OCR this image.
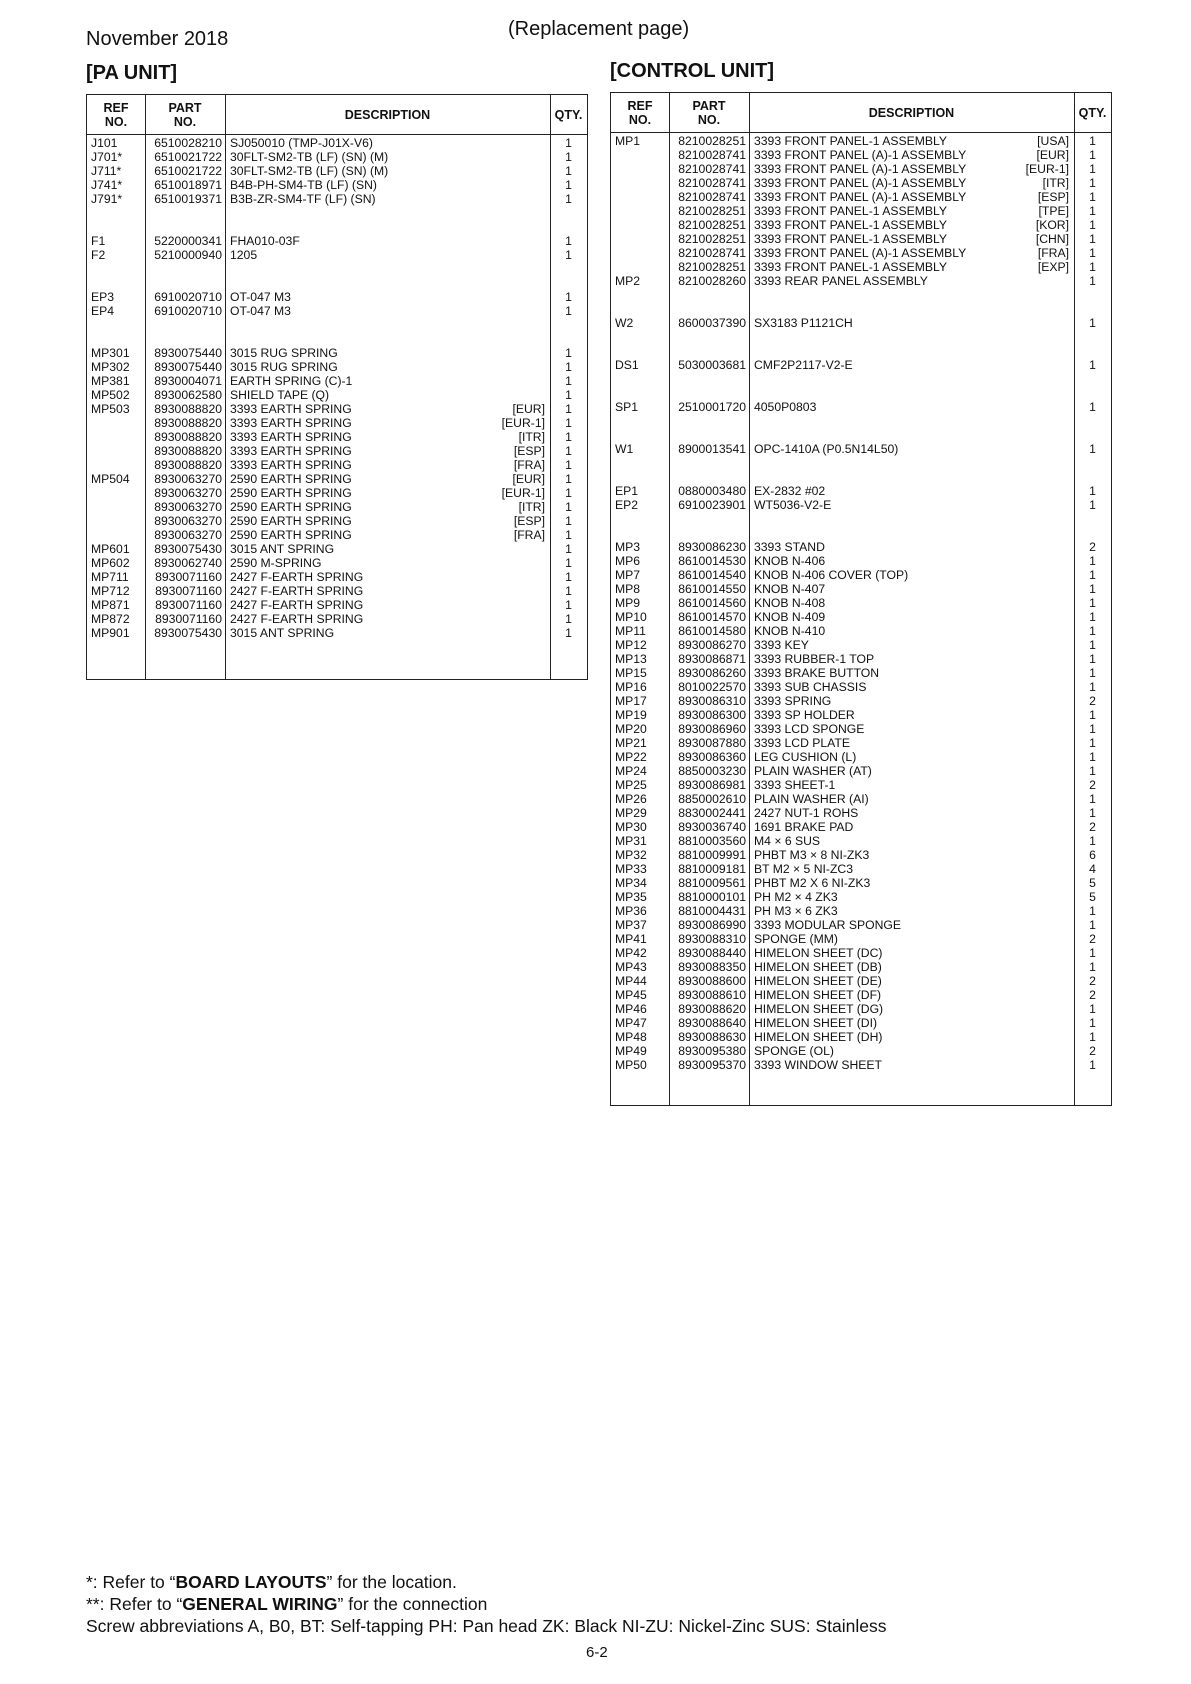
November 2018	(Replacement page)
[PA UNIT]	[CONTROL UNIT]
REF
NO.
PART
NO.	DESCRIPTION	QTY.
J101	6510028210 SJ050010 (TMP-J01X-V6)	1
J701*	6510021722 30FLT-SM2-TB (LF) (SN) (M)	1
J711*	6510021722 30FLT-SM2-TB (LF) (SN) (M)	1
J741*	6510018971 B4B-PH-SM4-TB (LF) (SN)	1
J791*	6510019371 B3B-ZR-SM4-TF (LF) (SN)	1
F1	5220000341 FHA010-03F	1
F2	5210000940 1205	1
EP3	6910020710 OT-047 M3	1
EP4	6910020710 OT-047 M3	1
MP301	8930075440 3015 RUG SPRING	1
MP302	8930075440 3015 RUG SPRING	1
MP381	8930004071 EARTH SPRING (C)-1	1
MP502	8930062580 SHIELD TAPE (Q)	1
MP503	8930088820 3393 EARTH SPRING	[EUR]	1
8930088820 3393 EARTH SPRING	[EUR-1]	1
8930088820 3393 EARTH SPRING	[ITR]	1
8930088820 3393 EARTH SPRING	[ESP]	1
8930088820 3393 EARTH SPRING	[FRA]	1
MP504	8930063270 2590 EARTH SPRING	[EUR]	1
8930063270 2590 EARTH SPRING	[EUR-1]	1
8930063270 2590 EARTH SPRING	[ITR]	1
8930063270 2590 EARTH SPRING	[ESP]	1
8930063270 2590 EARTH SPRING	[FRA]	1
MP601	8930075430 3015 ANT SPRING	1
MP602	8930062740 2590 M-SPRING	1
MP711	8930071160 2427 F-EARTH SPRING	1
MP712	8930071160 2427 F-EARTH SPRING	1
MP871	8930071160 2427 F-EARTH SPRING	1
MP872	8930071160 2427 F-EARTH SPRING	1
MP901	8930075430 3015 ANT SPRING	1
REF
NO.
PART
NO.	DESCRIPTION	QTY.
MP1	8210028251 3393 FRONT PANEL-1 ASSEMBLY	[USA]	1
8210028741 3393 FRONT PANEL (A)-1 ASSEMBLY	[EUR]	1
8210028741 3393 FRONT PANEL (A)-1 ASSEMBLY	[EUR-1]	1
8210028741 3393 FRONT PANEL (A)-1 ASSEMBLY	[ITR]	1
8210028741 3393 FRONT PANEL (A)-1 ASSEMBLY	[ESP]	1
8210028251 3393 FRONT PANEL-1 ASSEMBLY	[TPE]	1
8210028251 3393 FRONT PANEL-1 ASSEMBLY	[KOR]	1
8210028251 3393 FRONT PANEL-1 ASSEMBLY	[CHN]	1
8210028741 3393 FRONT PANEL (A)-1 ASSEMBLY	[FRA]	1
8210028251 3393 FRONT PANEL-1 ASSEMBLY	[EXP]	1
MP2	8210028260 3393 REAR PANEL ASSEMBLY	1
W2	8600037390 SX3183 P1121CH	1
DS1	5030003681 CMF2P2117-V2-E	1
SP1	2510001720 4050P0803	1
W1	8900013541 OPC-1410A (P0.5N14L50)	1
EP1	0880003480 EX-2832 #02	1
EP2	6910023901 WT5036-V2-E	1
MP3	8930086230 3393 STAND	2
MP6	8610014530 KNOB N-406	1
MP7	8610014540 KNOB N-406 COVER (TOP)	1
MP8	8610014550 KNOB N-407	1
MP9	8610014560 KNOB N-408	1
MP10	8610014570 KNOB N-409	1
MP11	8610014580 KNOB N-410	1
MP12	8930086270 3393 KEY	1
MP13	8930086871 3393 RUBBER-1 TOP	1
MP15	8930086260 3393 BRAKE BUTTON	1
MP16	8010022570 3393 SUB CHASSIS	1
MP17	8930086310 3393 SPRING	2
MP19	8930086300 3393 SP HOLDER	1
MP20	8930086960 3393 LCD SPONGE	1
MP21	8930087880 3393 LCD PLATE	1
MP22	8930086360 LEG CUSHION (L)	1
MP24	8850003230 PLAIN WASHER (AT)	1
MP25	8930086981 3393 SHEET-1	2
MP26	8850002610 PLAIN WASHER (AI)	1
MP29	8830002441 2427 NUT-1 ROHS	1
MP30	8930036740 1691 BRAKE PAD	2
MP31	8810003560 M4 × 6 SUS	1
MP32	8810009991 PHBT M3 × 8 NI-ZK3	6
MP33	8810009181 BT M2 × 5 NI-ZC3	4
MP34	8810009561 PHBT M2 X 6 NI-ZK3	5
MP35	8810000101 PH M2 × 4 ZK3	5
MP36	8810004431 PH M3 × 6 ZK3	1
MP37	8930086990 3393 MODULAR SPONGE	1
MP41	8930088310 SPONGE (MM)	2
MP42	8930088440 HIMELON SHEET (DC)	1
MP43	8930088350 HIMELON SHEET (DB)	1
MP44	8930088600 HIMELON SHEET (DE)	2
MP45	8930088610 HIMELON SHEET (DF)	2
MP46	8930088620 HIMELON SHEET (DG)	1
MP47	8930088640 HIMELON SHEET (DI)	1
MP48	8930088630 HIMELON SHEET (DH)	1
MP49	8930095380 SPONGE (OL)	2
MP50	8930095370 3393 WINDOW SHEET	1
*: Refer to “BOARD LAYOUTS” for the location.
**: Refer to “GENERAL WIRING” for the connection
Screw abbreviations A, B0, BT: Self-tapping PH: Pan head ZK: Black NI-ZU: Nickel-Zinc SUS: Stainless
6-2
